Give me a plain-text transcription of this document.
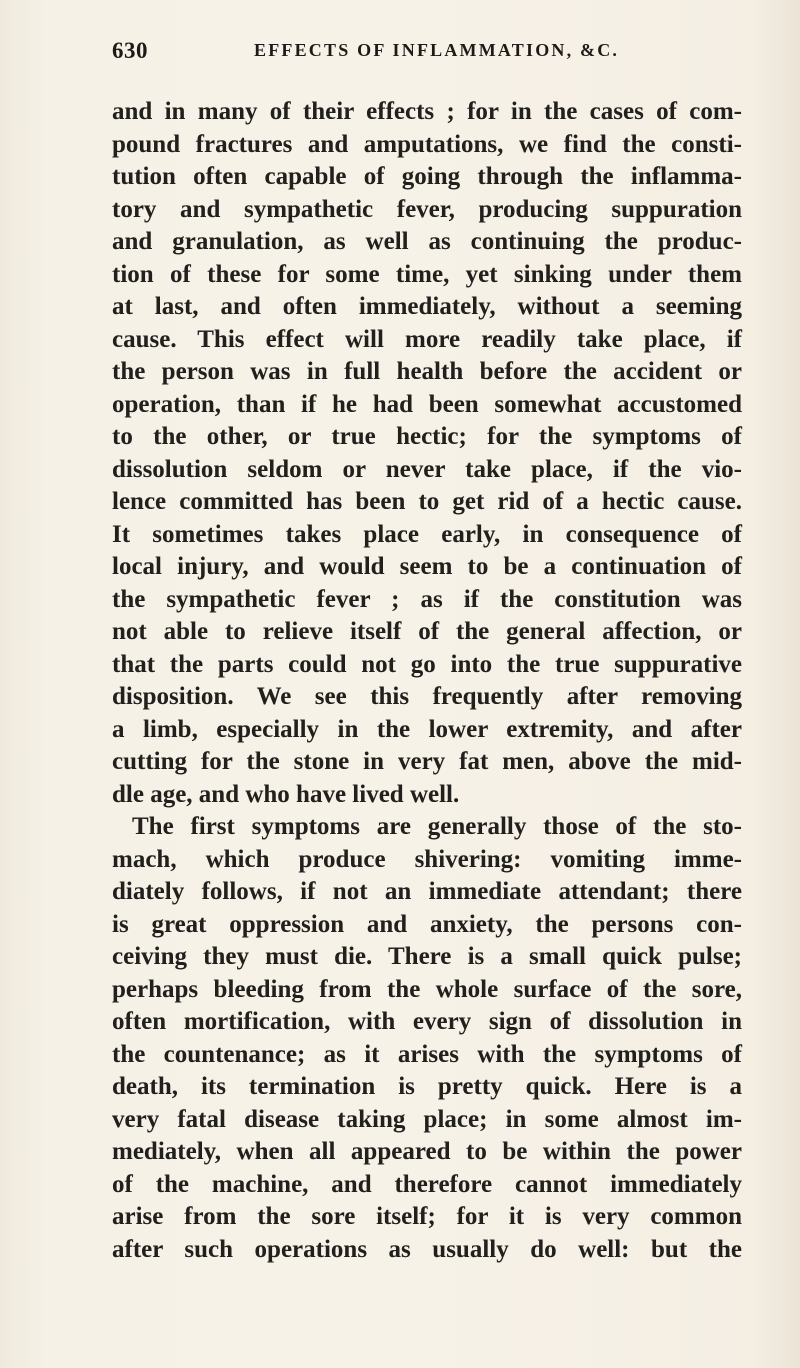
630	EFFECTS OF INFLAMMATION, &C.
and in many of their effects ; for in the cases of com-
pound fractures and amputations, we find the consti-
tution often capable of going through the inflamma-
tory and sympathetic fever, producing suppuration
and granulation, as well as continuing the produc-
tion of these for some time, yet sinking under them
at last, and often immediately, without a seeming
cause. This effect will more readily take place, if
the person was in full health before the accident or
operation, than if he had been somewhat accustomed
to the other, or true hectic; for the symptoms of
dissolution seldom or never take place, if the vio-
lence committed has been to get rid of a hectic cause.
It sometimes takes place early, in consequence of
local injury, and would seem to be a continuation of
the sympathetic fever ; as if the constitution was
not able to relieve itself of the general affection, or
that the parts could not go into the true suppurative
disposition. We see this frequently after removing
a limb, especially in the lower extremity, and after
cutting for the stone in very fat men, above the mid-
dle age, and who have lived well.
The first symptoms are generally those of the sto-
mach, which produce shivering: vomiting imme-
diately follows, if not an immediate attendant; there
is great oppression and anxiety, the persons con-
ceiving they must die. There is a small quick pulse;
perhaps bleeding from the whole surface of the sore,
often mortification, with every sign of dissolution in
the countenance; as it arises with the symptoms of
death, its termination is pretty quick. Here is a
very fatal disease taking place; in some almost im-
mediately, when all appeared to be within the power
of the machine, and therefore cannot immediately
arise from the sore itself; for it is very common
after such operations as usually do well: but the
